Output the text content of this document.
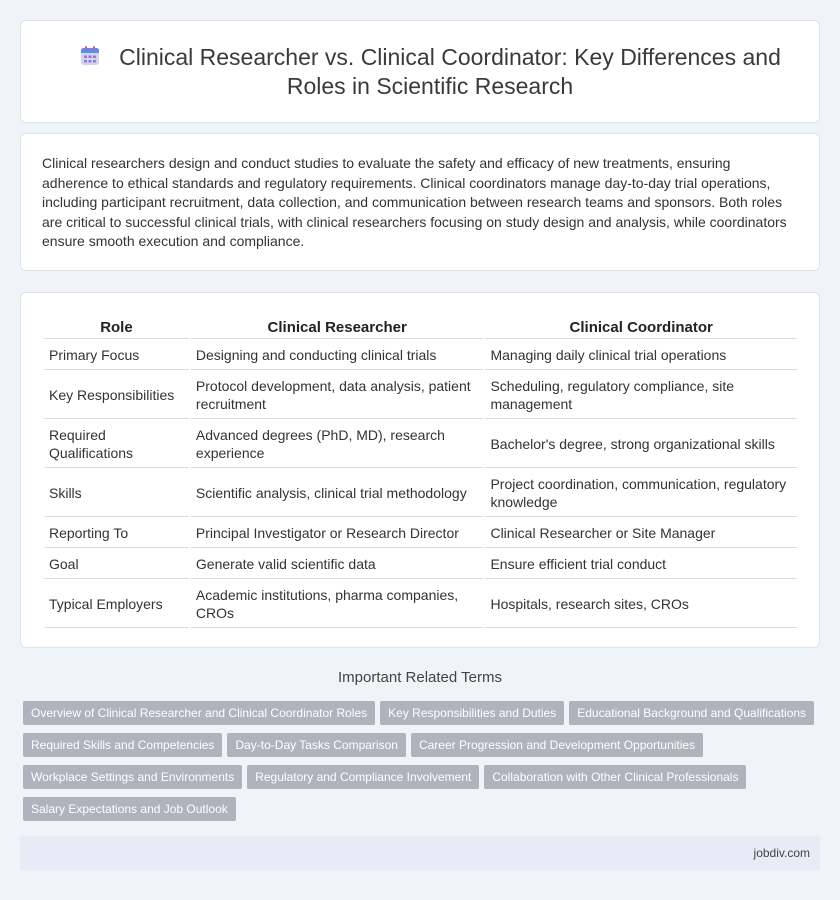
Clinical Researcher vs. Clinical Coordinator: Key Differences and Roles in Scientific Research

Clinical researchers design and conduct studies to evaluate the safety and efficacy of new treatments, ensuring adherence to ethical standards and regulatory requirements. Clinical coordinators manage day-to-day trial operations, including participant recruitment, data collection, and communication between research teams and sponsors. Both roles are critical to successful clinical trials, with clinical researchers focusing on study design and analysis, while coordinators ensure smooth execution and compliance.

Role	Clinical Researcher	Clinical Coordinator
Primary Focus	Designing and conducting clinical trials	Managing daily clinical trial operations
Key Responsibilities	Protocol development, data analysis, patient recruitment	Scheduling, regulatory compliance, site management
Required Qualifications	Advanced degrees (PhD, MD), research experience	Bachelor's degree, strong organizational skills
Skills	Scientific analysis, clinical trial methodology	Project coordination, communication, regulatory knowledge
Reporting To	Principal Investigator or Research Director	Clinical Researcher or Site Manager
Goal	Generate valid scientific data	Ensure efficient trial conduct
Typical Employers	Academic institutions, pharma companies, CROs	Hospitals, research sites, CROs
Important Related Terms
Overview of Clinical Researcher and Clinical Coordinator Roles Key Responsibilities and Duties Educational Background and Qualifications
Required Skills and Competencies Day-to-Day Tasks Comparison Career Progression and Development Opportunities
Workplace Settings and Environments Regulatory and Compliance Involvement Collaboration with Other Clinical Professionals
Salary Expectations and Job Outlook
jobdiv.com
